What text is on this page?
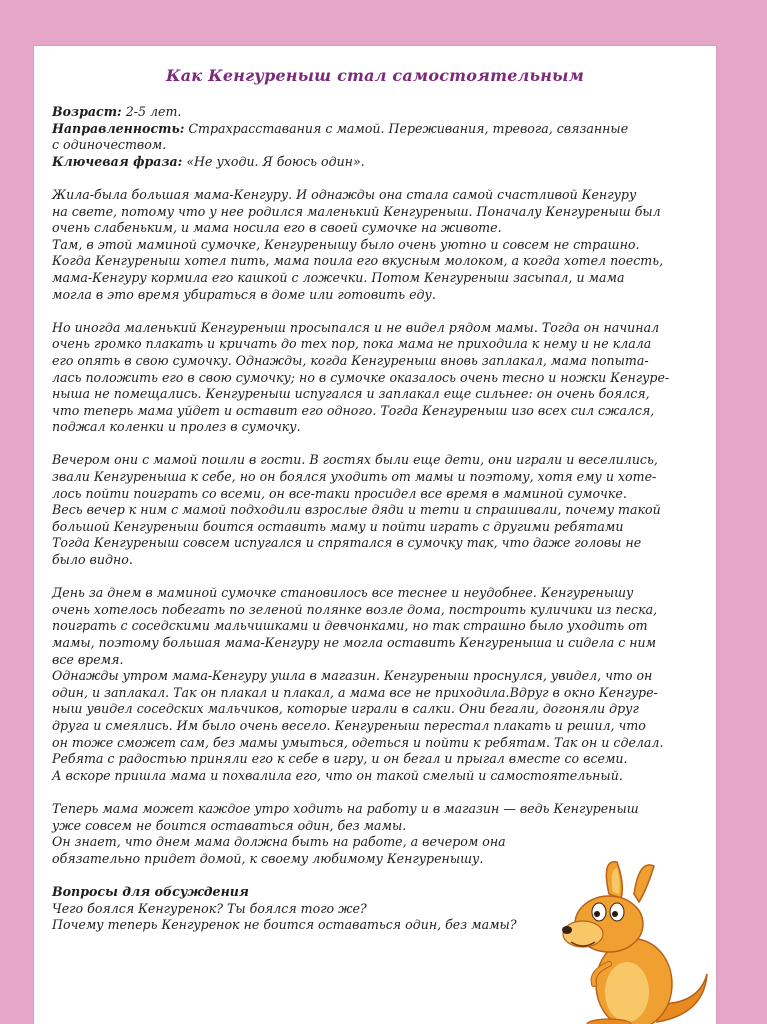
Как Кенгуреныш стал самостоятельным
Возраст: 2-5 лет.
Направленность: Страхрасставания с мамой. Переживания, тревога, связанные
с одиночеством.
Ключевая фраза: «Не уходи. Я боюсь один».
Жила-была большая мама-Кенгуру. И однажды она стала самой счастливой Кенгуру
на свете, потому что у нее родился маленький Кенгуреныш. Поначалу Кенгуреныш был
очень слабеньким, и мама носила его в своей сумочке на животе.
Там, в этой маминой сумочке, Кенгуренышу было очень уютно и совсем не страшно.
Когда Кенгуреныш хотел пить, мама поила его вкусным молоком, а когда хотел поесть,
мама-Кенгуру кормила его кашкой с ложечки. Потом Кенгуреныш засыпал, и мама
могла в это время убираться в доме или готовить еду.
Но иногда маленький Кенгуреныш просыпался и не видел рядом мамы. Тогда он начинал
очень громко плакать и кричать до тех пор, пока мама не приходила к нему и не клала
его опять в свою сумочку. Однажды, когда Кенгуреныш вновь заплакал, мама попыта-
лась положить его в свою сумочку; но в сумочке оказалось очень тесно и ножки Кенгуре-
ныша не помещались. Кенгуреныш испугался и заплакал еще сильнее: он очень боялся,
что теперь мама уйдет и оставит его одного. Тогда Кенгуреныш изо всех сил сжался,
поджал коленки и пролез в сумочку.
Вечером они с мамой пошли в гости. В гостях были еще дети, они играли и веселились,
звали Кенгуреныша к себе, но он боялся уходить от мамы и поэтому, хотя ему и хоте-
лось пойти поиграть со всеми, он все-таки просидел все время в маминой сумочке.
Весь вечер к ним с мамой подходили взрослые дяди и тети и спрашивали, почему такой
большой Кенгуреныш боится оставить маму и пойти играть с другими ребятами
Тогда Кенгуреныш совсем испугался и спрятался в сумочку так, что даже головы не
было видно.
День за днем в маминой сумочке становилось все теснее и неудобнее. Кенгуренышу
очень хотелось побегать по зеленой полянке возле дома, построить куличики из песка,
поиграть с соседскими мальчишками и девчонками, но так страшно было уходить от
мамы, поэтому большая мама-Кенгуру не могла оставить Кенгуреныша и сидела с ним
все время.
Однажды утром мама-Кенгуру ушла в магазин. Кенгуреныш проснулся, увидел, что он
один, и заплакал. Так он плакал и плакал, а мама все не приходила.Вдруг в окно Кенгуре-
ныш увидел соседских мальчиков, которые играли в салки. Они бегали, догоняли друг
друга и смеялись. Им было очень весело. Кенгуреныш перестал плакать и решил, что
он тоже сможет сам, без мамы умыться, одеться и пойти к ребятам. Так он и сделал.
Ребята с радостью приняли его к себе в игру, и он бегал и прыгал вместе со всеми.
А вскоре пришла мама и похвалила его, что он такой смелый и самостоятельный.
Теперь мама может каждое утро ходить на работу и в магазин — ведь Кенгуреныш
уже совсем не боится оставаться один, без мамы.
Он знает, что днем мама должна быть на работе, а вечером она
обязательно придет домой, к своему любимому Кенгуренышу.
Вопросы для обсуждения
Чего боялся Кенгуренок? Ты боялся того же?
Почему теперь Кенгуренок не боится оставаться один, без мамы?
